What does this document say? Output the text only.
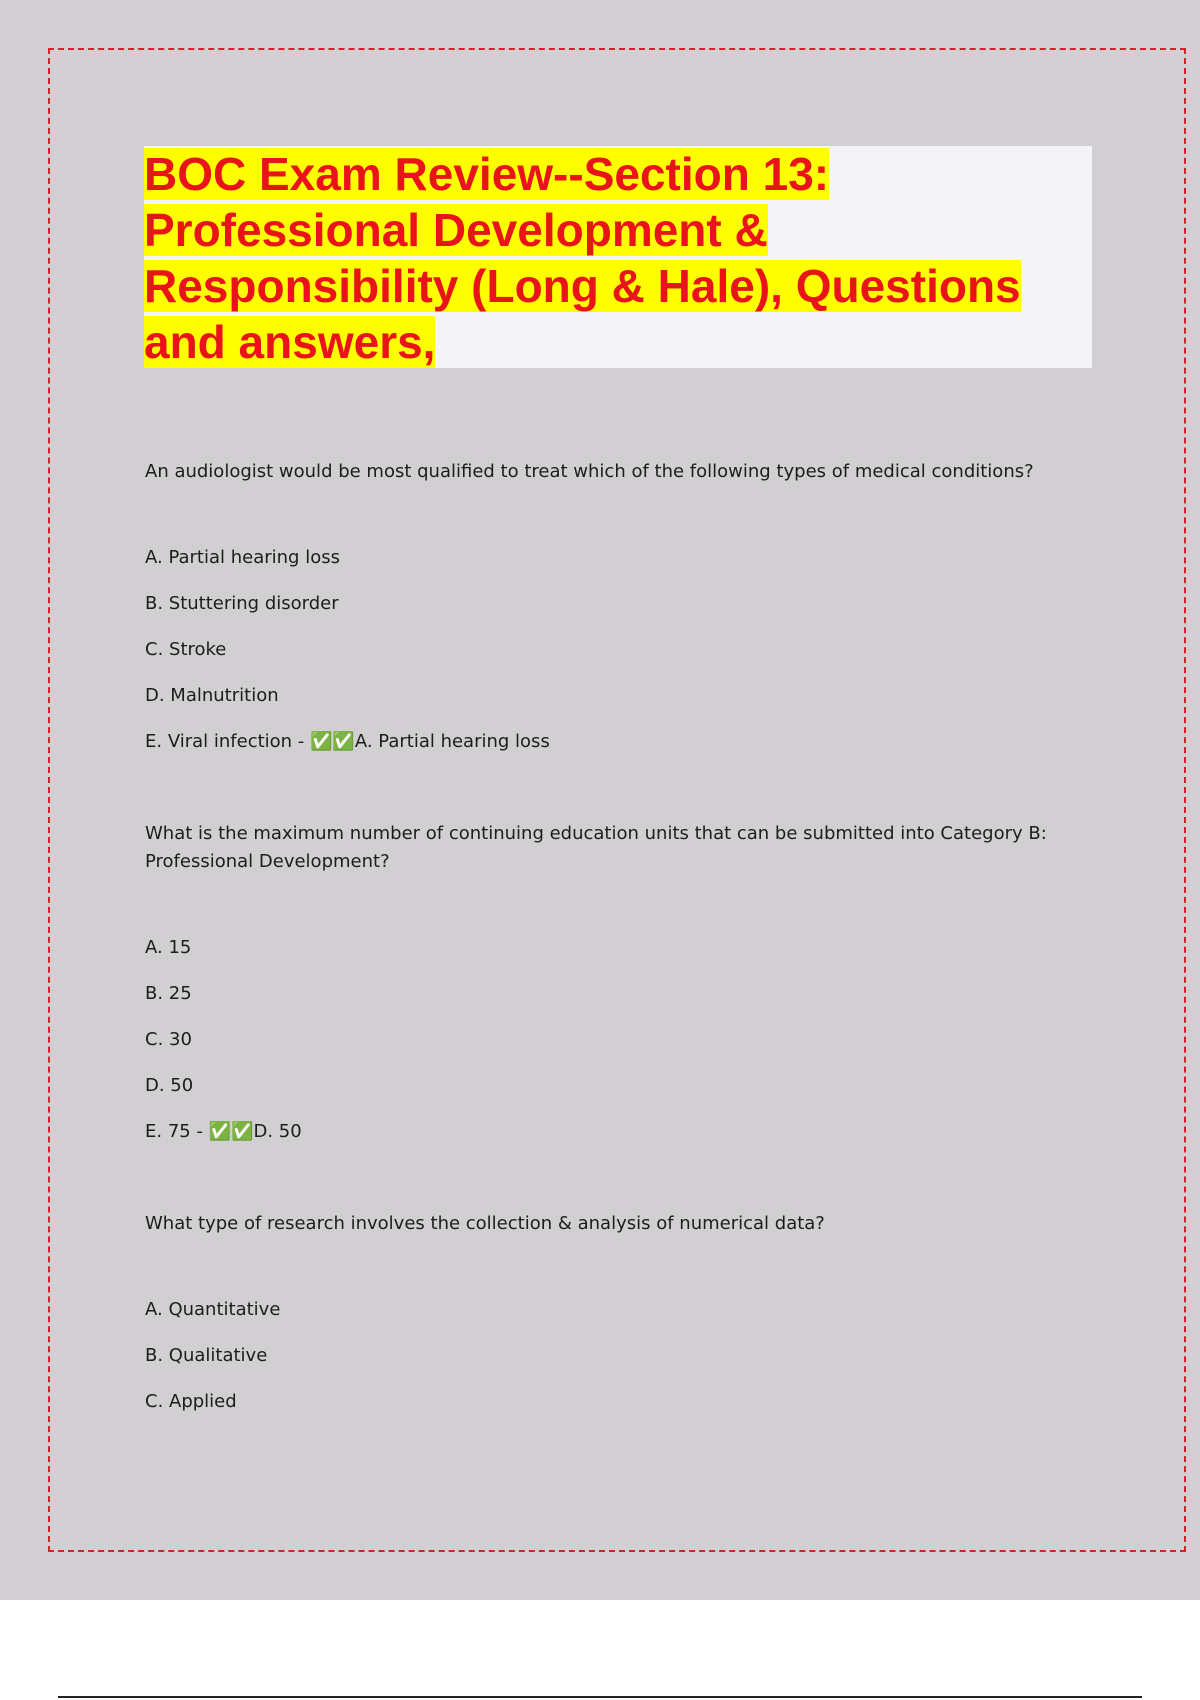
BOC Exam Review--Section 13: Professional Development & Responsibility (Long & Hale), Questions and answers,

An audiologist would be most qualified to treat which of the following types of medical conditions?

A. Partial hearing loss
B. Stuttering disorder
C. Stroke
D. Malnutrition
E. Viral infection - ✅✅A. Partial hearing loss

What is the maximum number of continuing education units that can be submitted into Category B: Professional Development?

A. 15
B. 25
C. 30
D. 50
E. 75 - ✅✅D. 50

What type of research involves the collection & analysis of numerical data?

A. Quantitative
B. Qualitative
C. Applied
